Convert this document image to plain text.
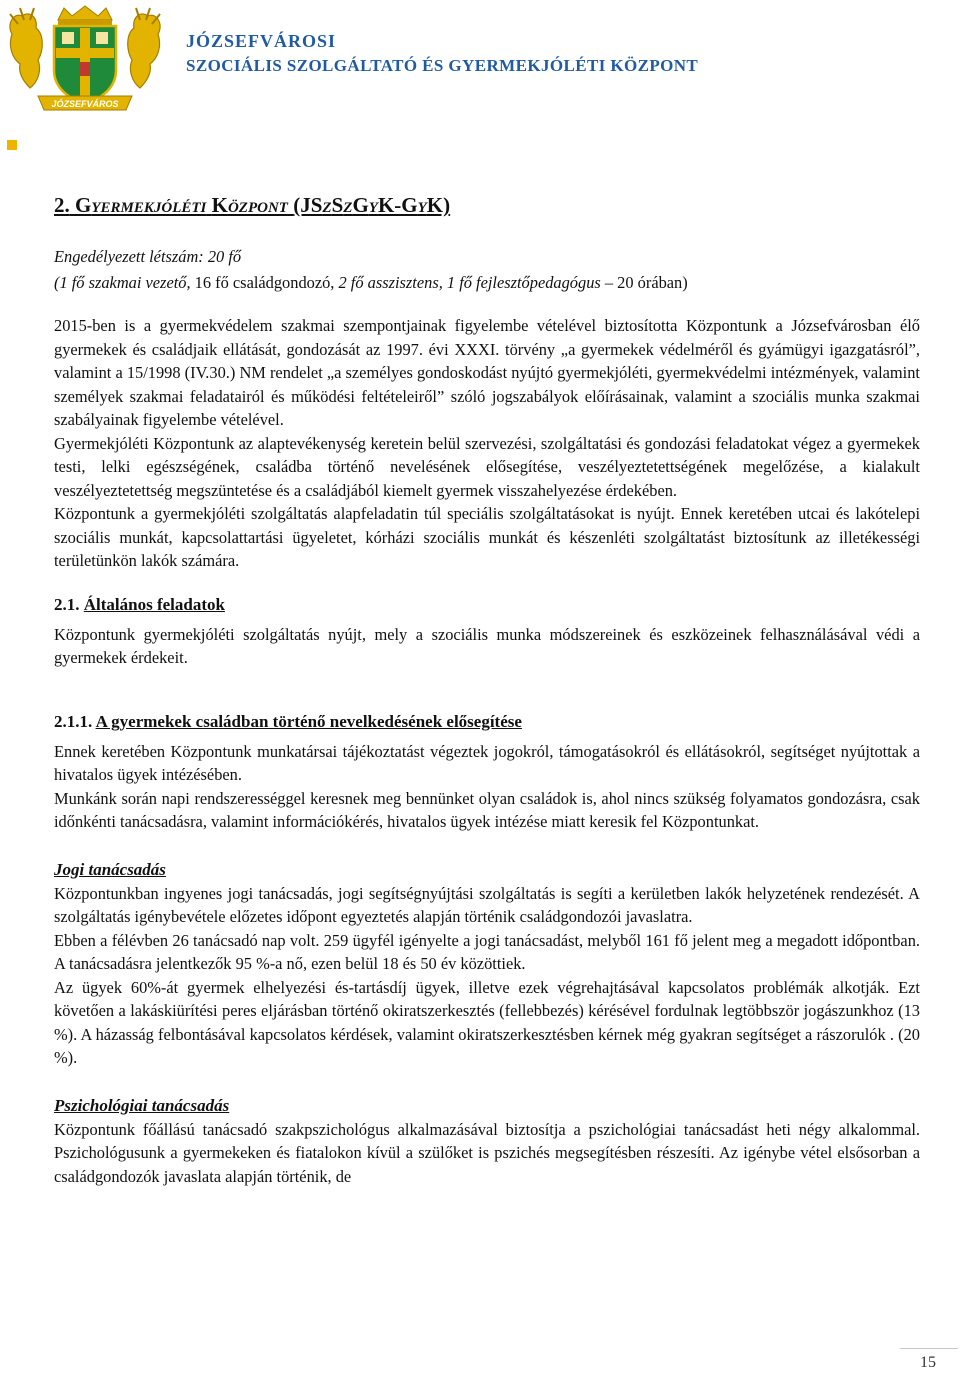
JÓZSEFVÁROS
JÓZSEFVÁROSI
SZOCIÁLIS SZOLGÁLTATÓ ÉS GYERMEKJÓLÉTI KÖZPONT
2. GYERMEKJÓLÉTI KÖZPONT (JSZSZGYK-GYK)

Engedélyezett létszám: 20 fő

(1 fő szakmai vezető, 16 fő családgondozó, 2 fő asszisztens, 1 fő fejlesztőpedagógus – 20 órában)

2015-ben is a gyermekvédelem szakmai szempontjainak figyelembe vételével biztosította Központunk a Józsefvárosban élő gyermekek és családjaik ellátását, gondozását az 1997. évi XXXI. törvény „a gyermekek védelméről és gyámügyi igazgatásról”, valamint a 15/1998 (IV.30.) NM rendelet „a személyes gondoskodást nyújtó gyermekjóléti, gyermekvédelmi intézmények, valamint személyek szakmai feladatairól és működési feltételeiről” szóló jogszabályok előírásainak, valamint a szociális munka szakmai szabályainak figyelembe vételével.

Gyermekjóléti Központunk az alaptevékenység keretein belül szervezési, szolgáltatási és gondozási feladatokat végez a gyermekek testi, lelki egészségének, családba történő nevelésének elősegítése, veszélyeztetettségének megelőzése, a kialakult veszélyeztetettség megszüntetése és a családjából kiemelt gyermek visszahelyezése érdekében.

Központunk a gyermekjóléti szolgáltatás alapfeladatin túl speciális szolgáltatásokat is nyújt. Ennek keretében utcai és lakótelepi szociális munkát, kapcsolattartási ügyeletet, kórházi szociális munkát és készenléti szolgáltatást biztosítunk az illetékességi területünkön lakók számára.

2.1. Általános feladatok

Központunk gyermekjóléti szolgáltatás nyújt, mely a szociális munka módszereinek és eszközeinek felhasználásával védi a gyermekek érdekeit.

2.1.1. A gyermekek családban történő nevelkedésének elősegítése

Ennek keretében Központunk munkatársai tájékoztatást végeztek jogokról, támogatásokról és ellátásokról, segítséget nyújtottak a hivatalos ügyek intézésében.

Munkánk során napi rendszerességgel keresnek meg bennünket olyan családok is, ahol nincs szükség folyamatos gondozásra, csak időnkénti tanácsadásra, valamint információkérés, hivatalos ügyek intézése miatt keresik fel Központunkat.

Jogi tanácsadás

Központunkban ingyenes jogi tanácsadás, jogi segítségnyújtási szolgáltatás is segíti a kerületben lakók helyzetének rendezését. A szolgáltatás igénybevétele előzetes időpont egyeztetés alapján történik családgondozói javaslatra.

Ebben a félévben 26 tanácsadó nap volt. 259 ügyfél igényelte a jogi tanácsadást, melyből 161 fő jelent meg a megadott időpontban. A tanácsadásra jelentkezők 95 %-a nő, ezen belül 18 és 50 év közöttiek.

Az ügyek 60%-át gyermek elhelyezési és-tartásdíj ügyek, illetve ezek végrehajtásával kapcsolatos problémák alkotják. Ezt követően a lakáskiürítési peres eljárásban történő okiratszerkesztés (fellebbezés) kérésével fordulnak legtöbbször jogászunkhoz (13 %). A házasság felbontásával kapcsolatos kérdések, valamint okiratszerkesztésben kérnek még gyakran segítséget a rászorulók . (20 %).

Pszichológiai tanácsadás

Központunk főállású tanácsadó szakpszichológus alkalmazásával biztosítja a pszichológiai tanácsadást heti négy alkalommal. Pszichológusunk a gyermekeken és fiatalokon kívül a szülőket is pszichés megsegítésben részesíti. Az igénybe vétel elsősorban a családgondozók javaslata alapján történik, de

15
